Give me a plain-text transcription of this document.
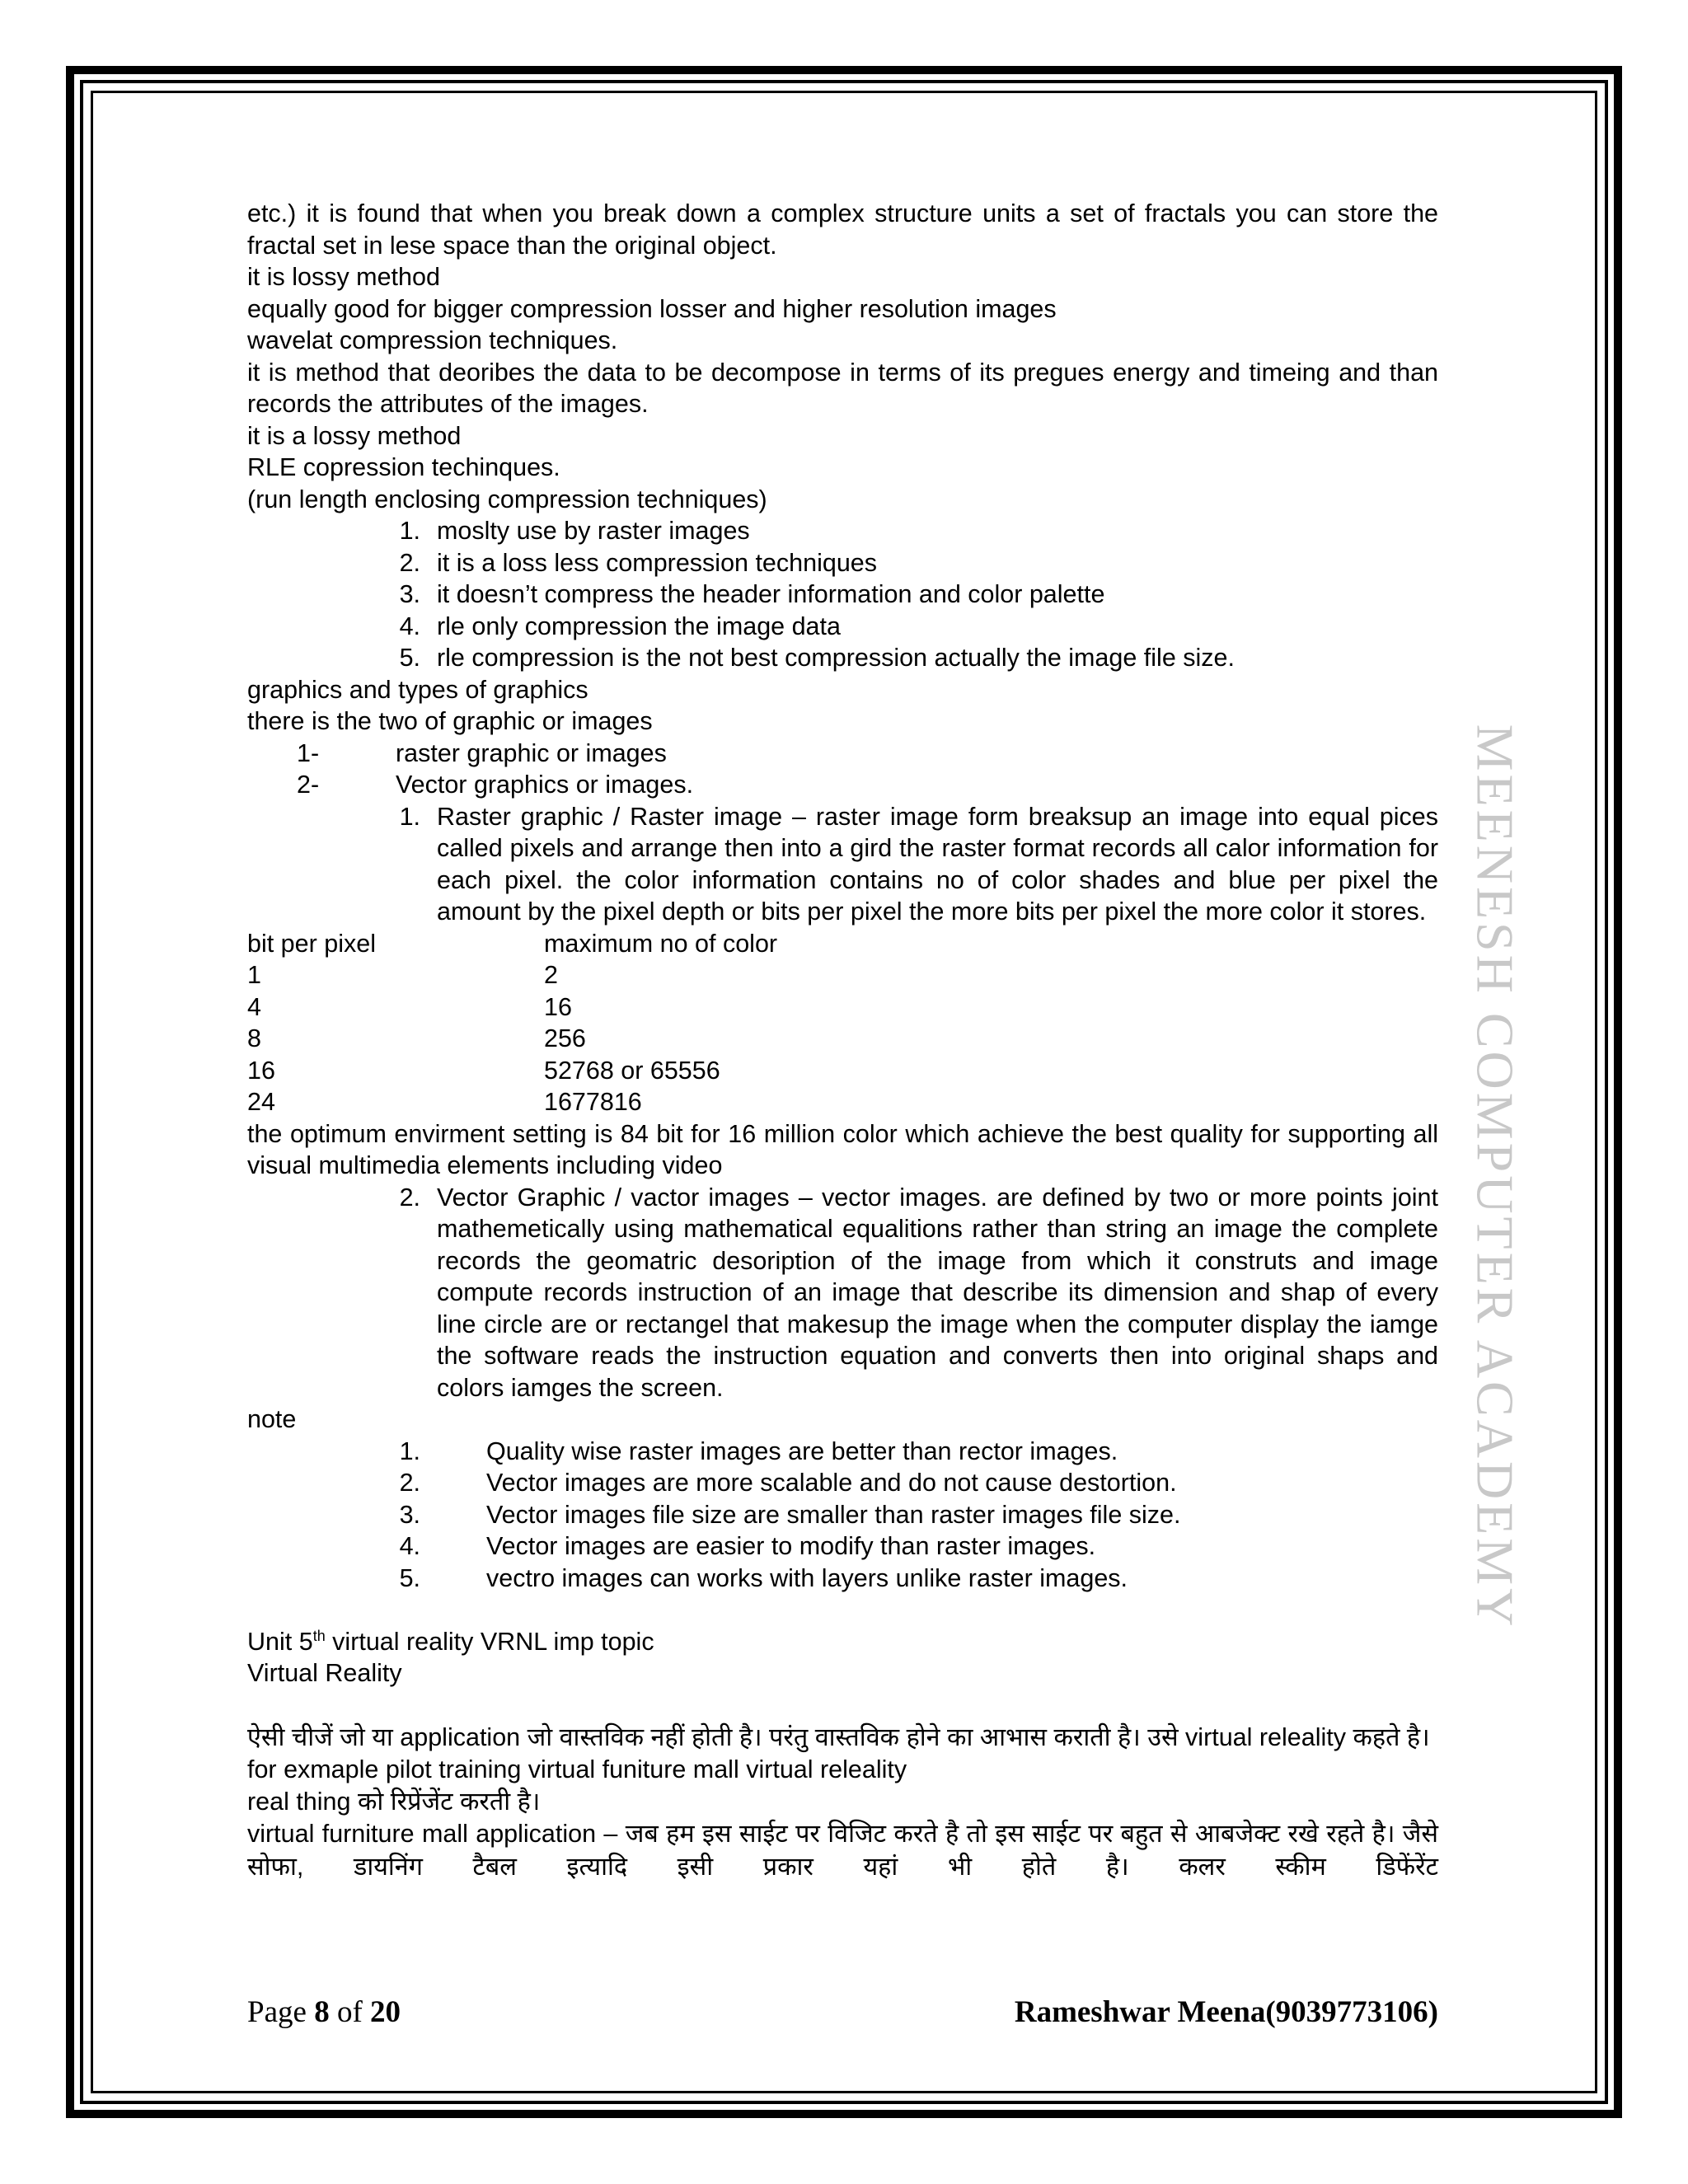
MEENESH COMPUTER ACADEMY
etc.) it is found that when you break down a complex structure units a set of fractals you can store the fractal set in lese space than the original object.
it is lossy method
equally good for bigger compression losser and higher resolution images
wavelat compression techniques.
it is method that deoribes the data to be decompose in terms of its pregues energy and timeing and than records the attributes of the images.
it is a lossy method
RLE copression techinques.
(run length enclosing compression techniques)
1. moslty use by raster images
2. it is a loss less compression techniques
3. it doesn’t compress the header information and color palette
4. rle only compression the image data
5. rle compression is the not best compression actually the image file size.
graphics and types of graphics
there is the two of graphic or images
1-	raster graphic or images
2-	Vector graphics or images.
1. Raster graphic / Raster image – raster image form breaksup an image into equal pices called pixels and arrange then into a gird the raster format records all calor information for each pixel. the color information contains no of color shades and blue per pixel the amount by the pixel depth or bits per pixel the more bits per pixel the more color it stores.
bit per pixel	maximum no of color
1	2
4	16
8	256
16	52768 or 65556
24	1677816
the optimum envirment setting is 84 bit for 16 million color which achieve the best quality for supporting all visual multimedia elements including video
2. Vector Graphic / vactor images – vector images. are defined by two or more points joint mathemetically using mathematical equalitions rather than string an image the complete records the geomatric desoription of the image from which it construts and image compute records instruction of an image that describe its dimension and shap of every line circle are or rectangel that makesup the image when the computer display the iamge the software reads the instruction equation and converts then into original shaps and colors iamges the screen.
note
1.	Quality wise raster images are better than rector images.
2.	Vector images are more scalable and do not cause destortion.
3.	Vector images file size are smaller than raster images file size.
4.	Vector images are easier to modify than raster images.
5.	vectro images can works with layers unlike raster images.
Unit 5th virtual reality VRNL imp topic
Virtual Reality
ऐसी चीजें जो या application जो वास्तविक नहीं होती है। परंतु वास्तविक होने का आभास कराती है। उसे virtual releality कहते है।
for exmaple pilot training virtual funiture mall virtual releality
real thing को रिप्रेंजेंट करती है।
virtual furniture mall application – जब हम इस साईट पर विजिट करते है तो इस साईट पर बहुत से आबजेक्ट रखे रहते है। जैसे सोफा, डायनिंग टैबल इत्यादि इसी प्रकार यहां भी होते है। कलर स्कीम डिफेंरेंट
Page 8 of 20	Rameshwar Meena(9039773106)
